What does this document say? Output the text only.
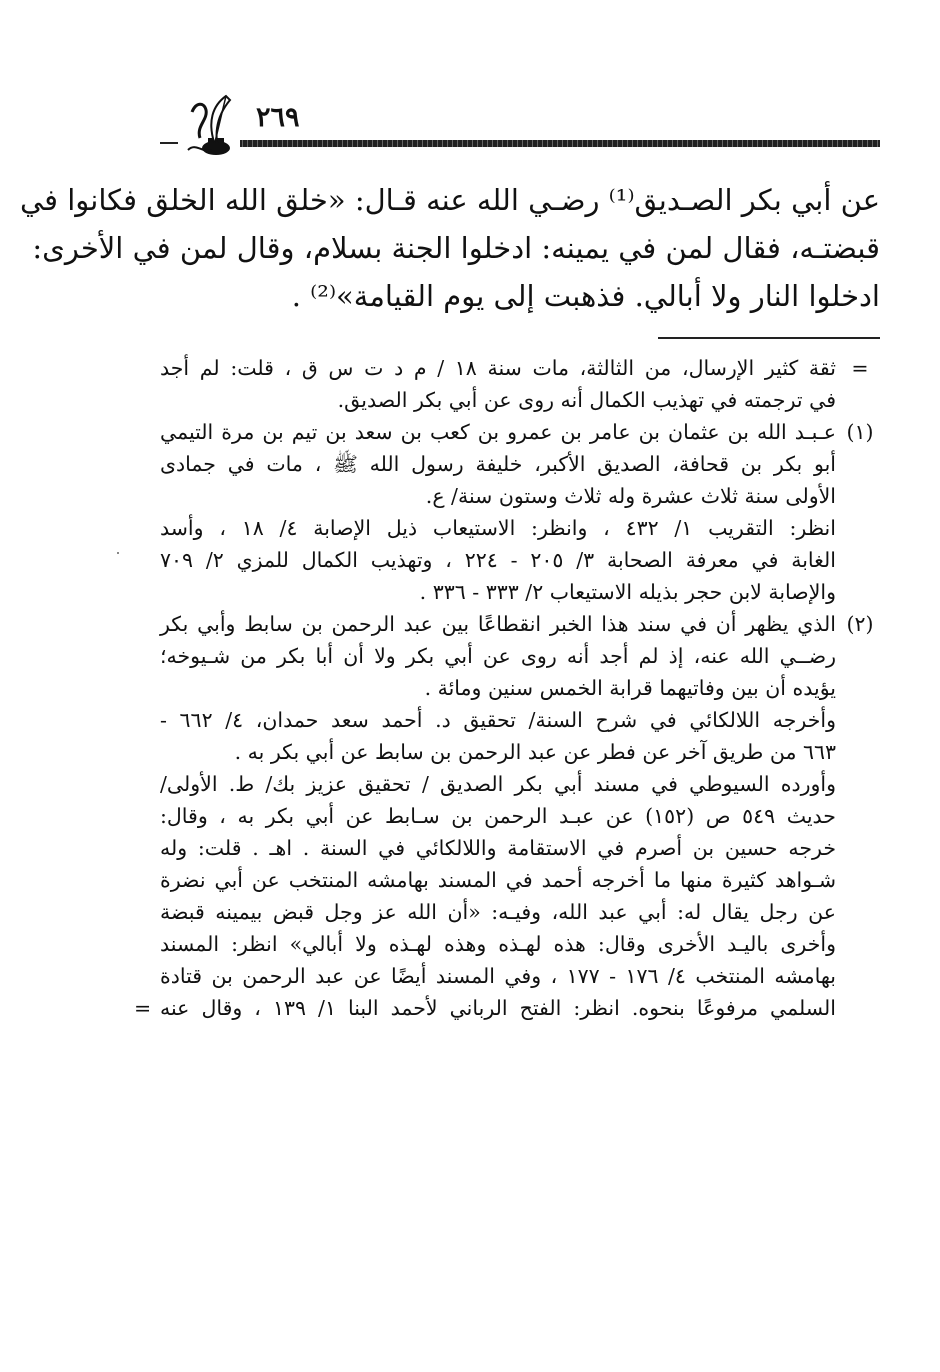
٢٦٩
عن أبي بكر الصـديق⁽¹⁾ رضـي الله عنه قـال: «خلق الله الخلق فكانوا في
قبضتـه، فقال لمن في يمينه: ادخلوا الجنة بسلام، وقال لمن في الأخرى:
ادخلوا النار ولا أبالي. فذهبت إلى يوم القيامة»⁽²⁾ .
=
ثقة كثير الإرسال، من الثالثة، مات سنة ١٨ / م د ت س ق ، قلت: لم أجد
في ترجمته في تهذيب الكمال أنه روى عن أبي بكر الصديق.
(١)
عـبـد الله بن عثمان بن عامر بن عمرو بن كعب بن سعد بن تيم بن مرة التيمي
أبو بكر بن قحافة، الصديق الأكبر، خليفة رسول الله ﷺ ، مات في جمادى
الأولى سنة ثلاث عشرة وله ثلاث وستون سنة/ ع.
انظر: التقريب ١/ ٤٣٢ ، وانظر: الاستيعاب ذيل الإصابة ٤/ ١٨ ، وأسد
الغابة في معرفة الصحابة ٣/ ٢٠٥ - ٢٢٤ ، وتهذيب الكمال للمزي ٢/ ٧٠٩
والإصابة لابن حجر بذيله الاستيعاب ٢/ ٣٣٣ - ٣٣٦ .
(٢)
الذي يظهر أن في سند هذا الخبر انقطاعًا بين عبد الرحمن بن سابط وأبي بكر
رضــي الله عنه، إذ لم أجد أنه روى عن أبي بكر ولا أن أبا بكر من شـيوخه؛
يؤيده أن بين وفاتيهما قرابة الخمس سنين ومائة .
وأخرجه اللالكائي في شرح السنة/ تحقيق د. أحمد سعد حمدان، ٤/ ٦٦٢ -
٦٦٣ من طريق آخر عن فطر عن عبد الرحمن بن سابط عن أبي بكر به .
وأورده السيوطي في مسند أبي بكر الصديق / تحقيق عزيز بك/ ط. الأولى/
حديث ٥٤٩ ص (١٥٢) عن عبـد الرحمن بن سـابط عن أبي بكر به ، وقال:
خرجه حسين بن أصرم في الاستقامة واللالكائي في السنة . اهـ . قلت: وله
شـواهد كثيرة منها ما أخرجه أحمد في المسند بهامشه المنتخب عن أبي نضرة
عن رجل يقال له: أبي عبد الله، وفيـه: «أن الله عز وجل قبض بيمينه قبضة
وأخرى باليـد الأخرى وقال: هذه لهـذه وهذه لهـذه ولا أبالي» انظر: المسند
بهامشه المنتخب ٤/ ١٧٦ - ١٧٧ ، وفي المسند أيضًا عن عبد الرحمن بن قتادة
السلمي مرفوعًا بنحوه. انظر: الفتح الرباني لأحمد البنا ١/ ١٣٩ ، وقال عنه
=
